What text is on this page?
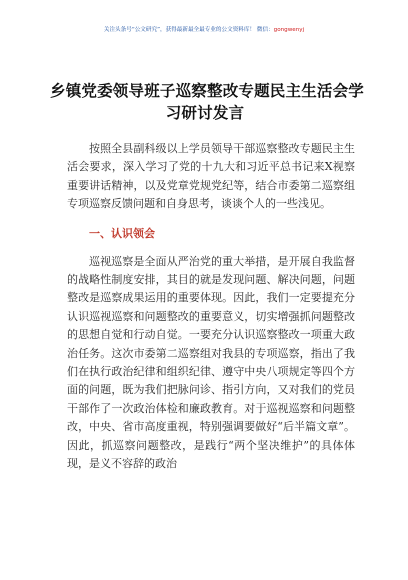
关注头条号“公文研究”，获得最新最全最专业的公文资料库！ 微信：gongwenyj
乡镇党委领导班子巡察整改专题民主生活会学
习研讨发言

按照全县副科级以上学员领导干部巡察整改专题民主生活会要求，深入学习了党的十九大和习近平总书记来X视察重要讲话精神，以及党章党规党纪等，结合市委第二巡察组专项巡察反馈问题和自身思考，谈谈个人的一些浅见。

一、认识领会

巡视巡察是全面从严治党的重大举措，是开展自我监督的战略性制度安排，其目的就是发现问题、解决问题，问题整改是巡察成果运用的重要体现。因此，我们一定要提充分认识巡视巡察和问题整改的重要意义，切实增强抓问题整改的思想自觉和行动自觉。一要充分认识巡察整改一项重大政治任务。这次市委第二巡察组对我县的专项巡察，指出了我们在执行政治纪律和组织纪律、遵守中央八项规定等四个方面的问题，既为我们把脉问诊、指引方向，又对我们的党员干部作了一次政治体检和廉政教育。对于巡视巡察和问题整改，中央、省市高度重视，特别强调要做好“后半篇文章”。因此，抓巡察问题整改，是践行“两个坚决维护”的具体体现，是义不容辞的政治
